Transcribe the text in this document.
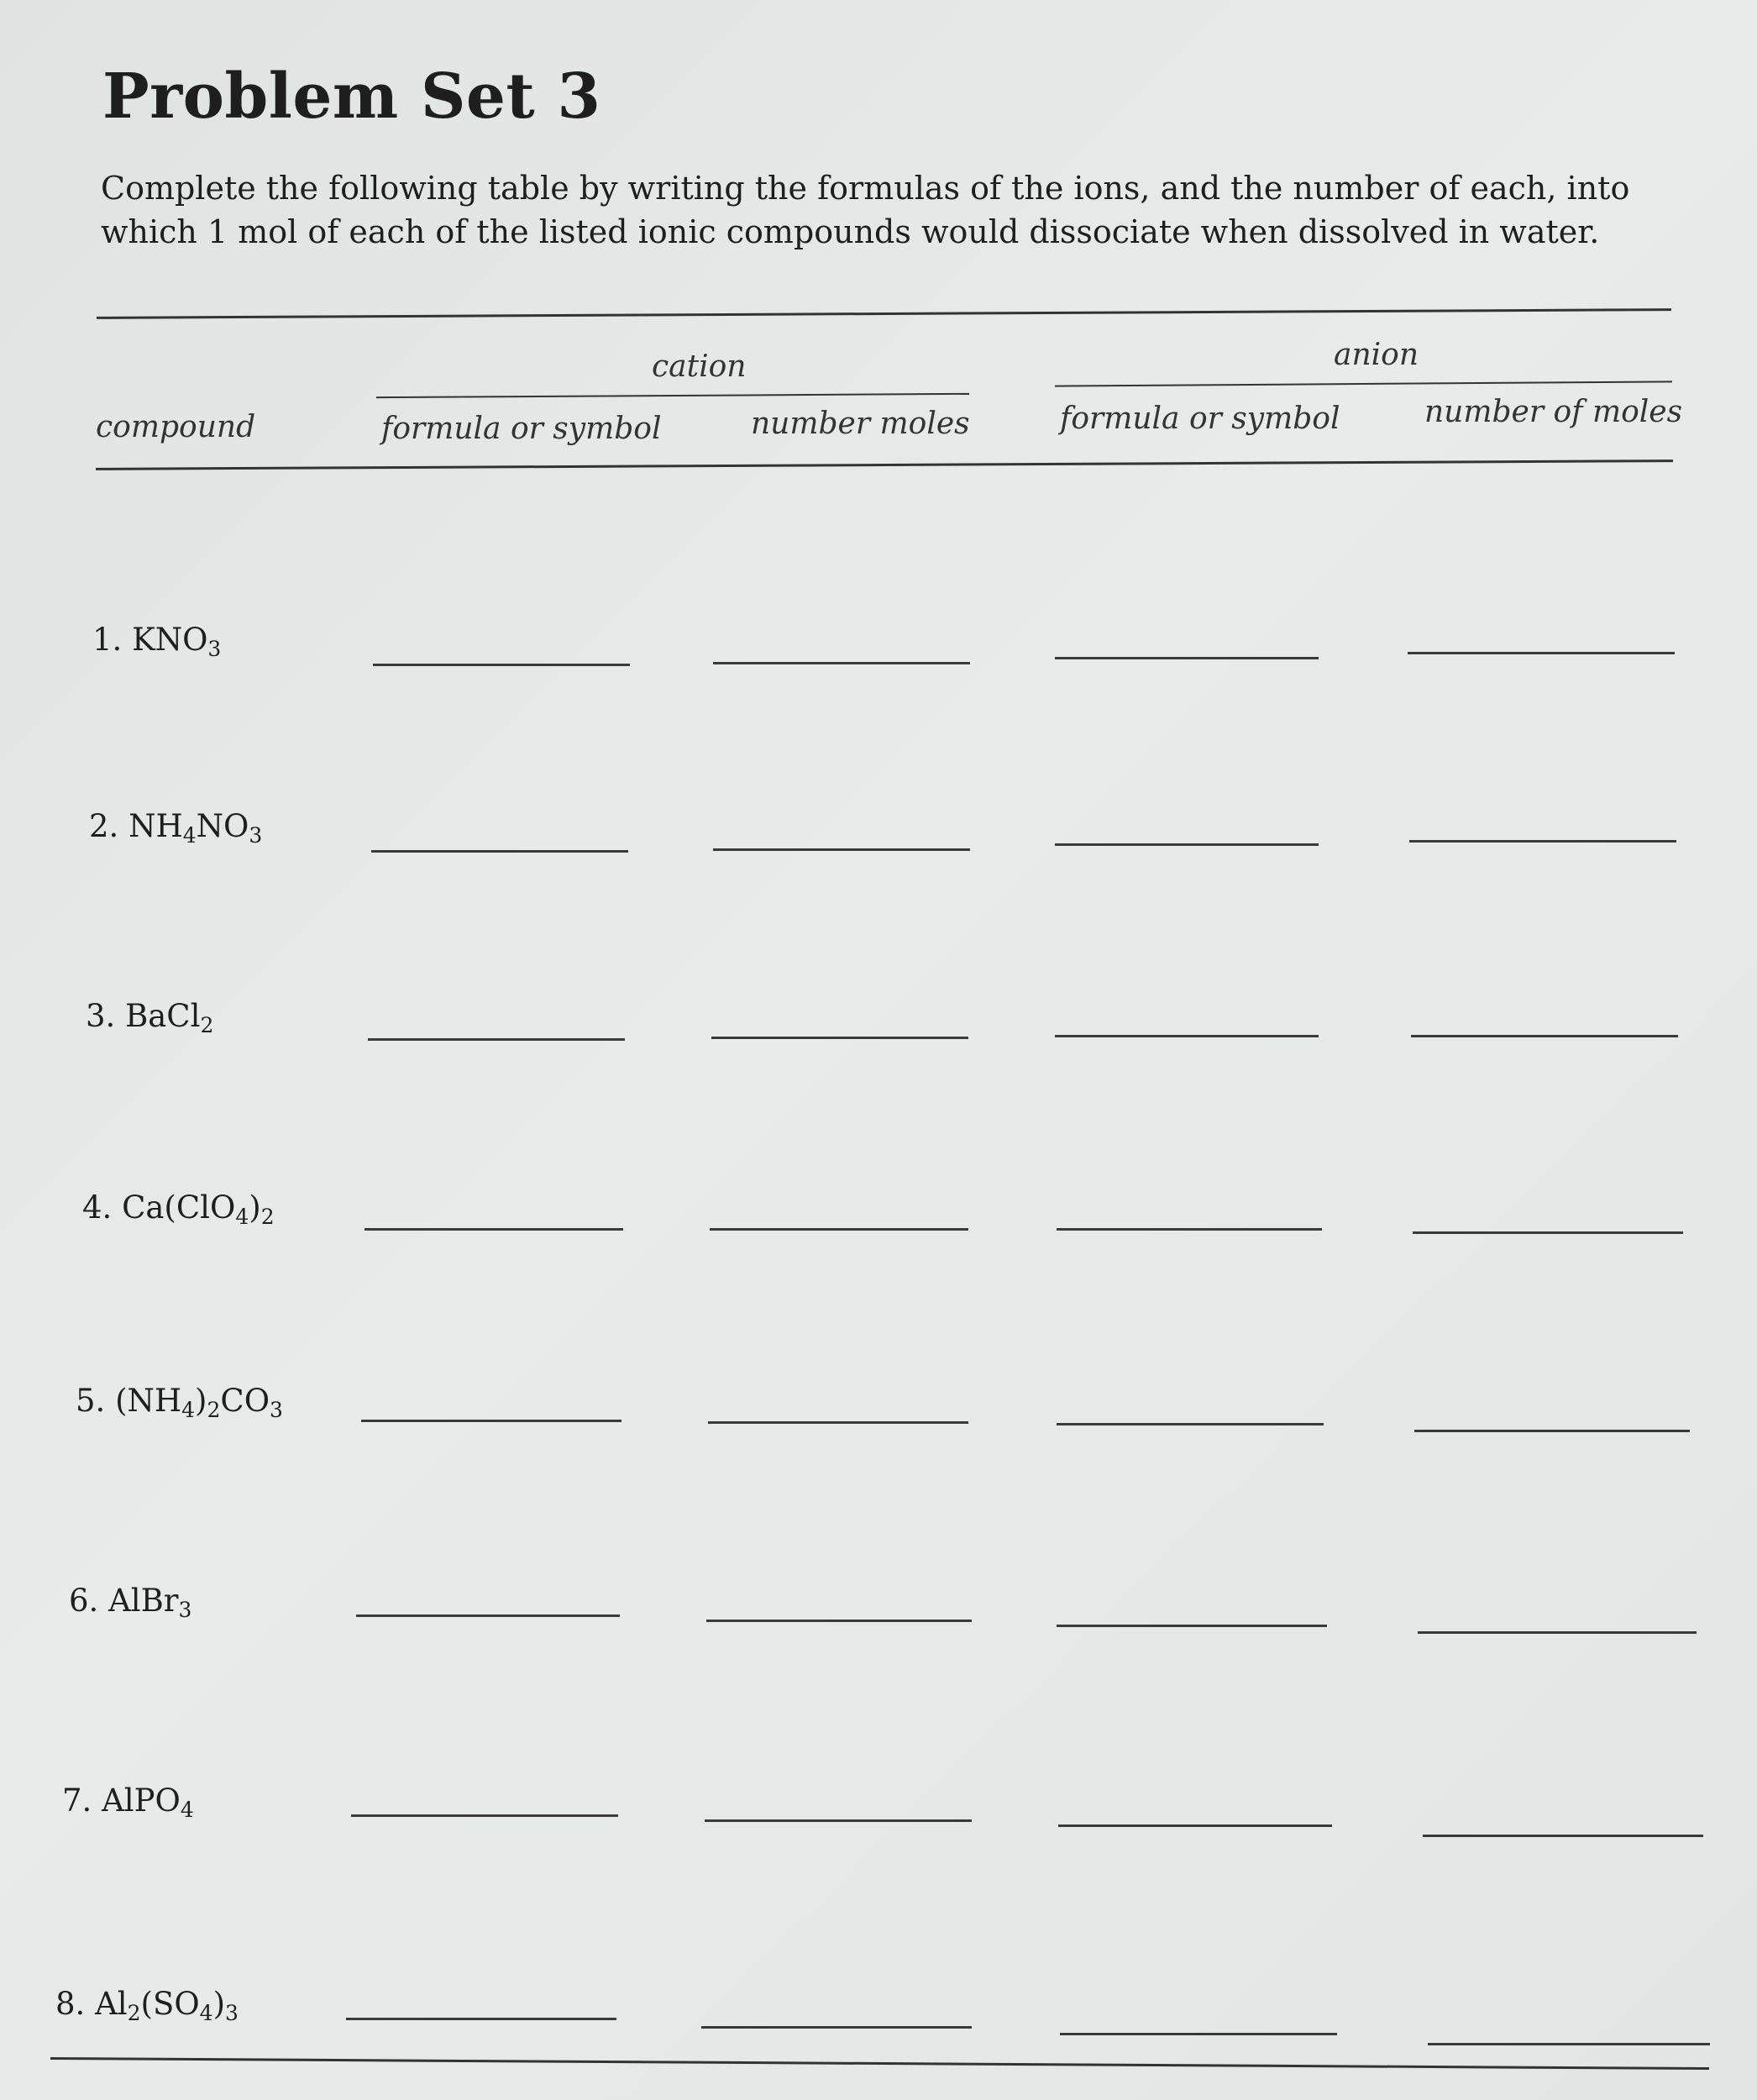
Problem Set 3
Complete the following table by writing the formulas of the ions, and the number of each, into which 1 mol of each of the listed ionic compounds would dissociate when dissolved in water.
cation	anion
compound	formula or symbol	number moles	formula or symbol	number of moles
1. $KNO_3$
2. $NH_4NO_3$
3. BaCl$_2$
4. $Ca(ClO_4)_2$
5. $(NH_4)_2CO_3$
6. AlBr$_3$
7. AlPO$_4$
8. $Al_2(SO_4)_3$
